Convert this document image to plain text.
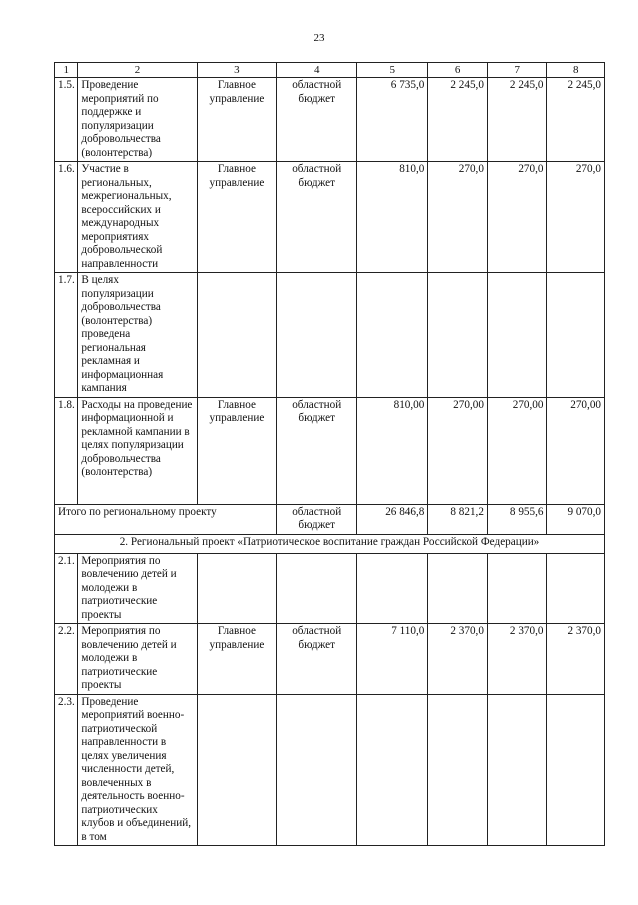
23
1	2	3	4	5	6	7	8
1.5.	Проведение мероприятий по поддержке и популяризации добровольчества (волонтерства)	Главное управление	областной бюджет	6 735,0	2 245,0	2 245,0	2 245,0
1.6.	Участие в региональных, межрегиональных, всероссийских и международных мероприятиях добровольческой направленности	Главное управление	областной бюджет	810,0	270,0	270,0	270,0
1.7.	В целях популяризации добровольчества (волонтерства) проведена региональная рекламная и информационная кампания						
1.8.	Расходы на проведение информационной и рекламной кампании в целях популяризации добровольчества (волонтерства)	Главное управление	областной бюджет	810,00	270,00	270,00	270,00
Итого по региональному проекту			областной бюджет	26 846,8	8 821,2	8 955,6	9 070,0
2. Региональный проект «Патриотическое воспитание граждан Российской Федерации»							
2.1.	Мероприятия по вовлечению детей и молодежи в патриотические проекты						
2.2.	Мероприятия по вовлечению детей и молодежи в патриотические проекты	Главное управление	областной бюджет	7 110,0	2 370,0	2 370,0	2 370,0
2.3.	Проведение мероприятий военно-патриотической направленности в целях увеличения численности детей, вовлеченных в деятельность военно-патриотических клубов и объединений, в том						
